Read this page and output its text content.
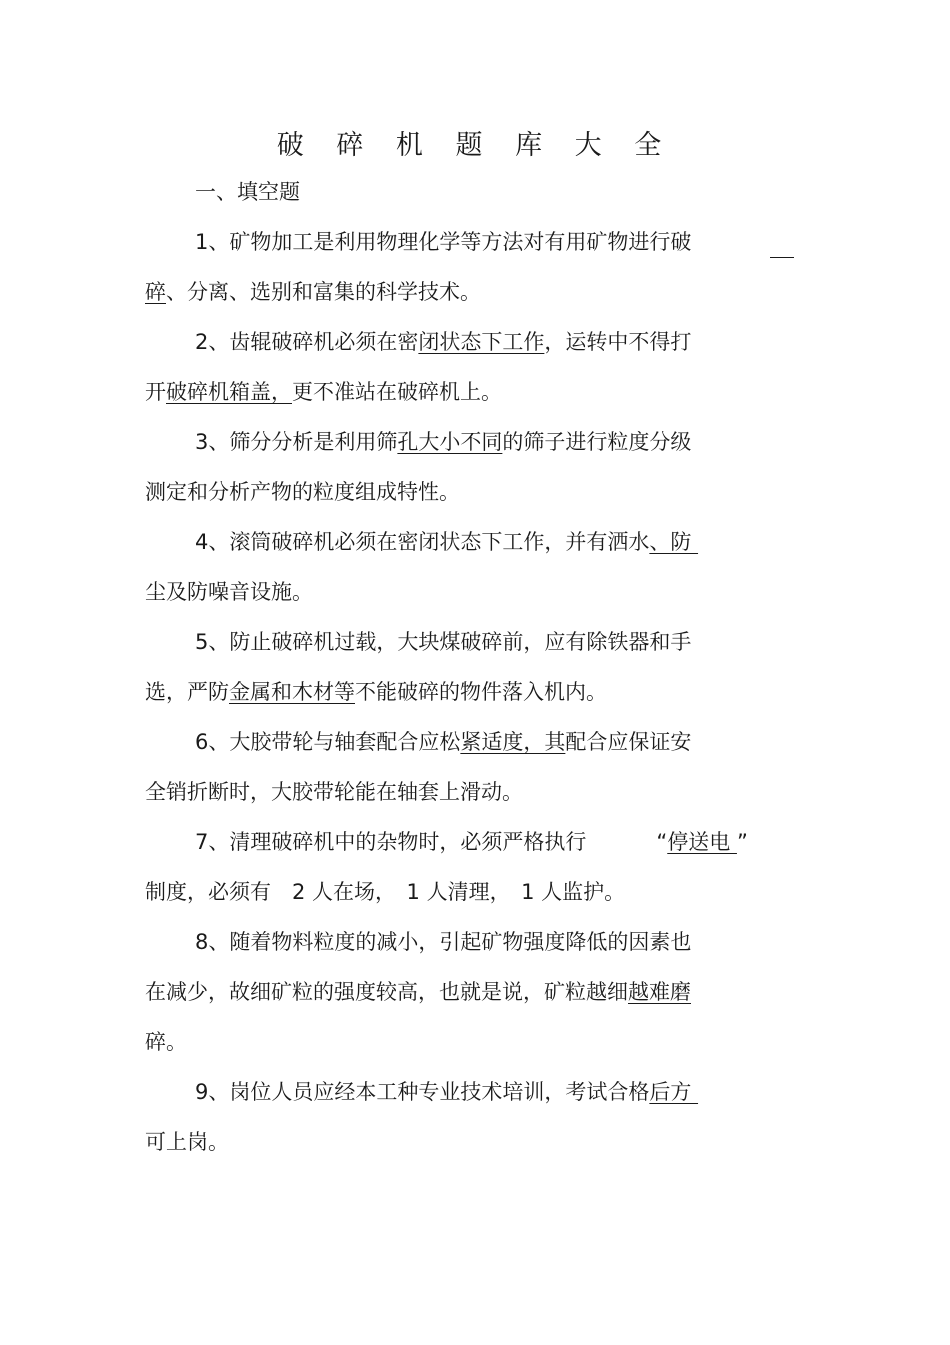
破 碎 机 题 库 大 全
一、填空题
1、矿物加工是利用物理化学等方法对有用矿物进行破
碎、分离、选别和富集的科学技术。
2、齿辊破碎机必须在密闭状态下工作，运转中不得打
开破碎机箱盖，更不准站在破碎机上。
3、筛分分析是利用筛孔大小不同的筛子进行粒度分级
测定和分析产物的粒度组成特性。
4、滚筒破碎机必须在密闭状态下工作，并有洒水、防
尘及防噪音设施。
5、防止破碎机过载，大块煤破碎前，应有除铁器和手
选，严防金属和木材等不能破碎的物件落入机内。
6、大胶带轮与轴套配合应松紧适度，其配合应保证安
全销折断时，大胶带轮能在轴套上滑动。
7、清理破碎机中的杂物时，必须严格执行	“停送电 ”
制度，必须有　2 人在场，　1 人清理，　1 人监护。
8、随着物料粒度的减小，引起矿物强度降低的因素也
在减少，故细矿粒的强度较高，也就是说，矿粒越细越难磨
碎。
9、岗位人员应经本工种专业技术培训，考试合格后方
可上岗。
